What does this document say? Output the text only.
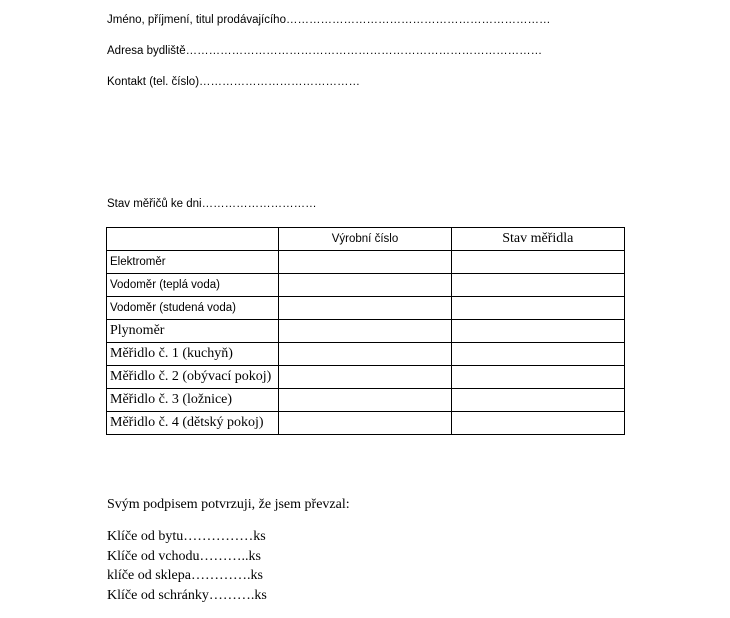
Jméno, příjmení, titul prodávajícího……………………………………………………………
Adresa bydliště…………………………………………………………………………………
Kontakt (tel. číslo)……………………………………
Stav měřičů ke dni…………………………
	Výrobní číslo	Stav měřidla
Elektroměr		
Vodoměr (teplá voda)		
Vodoměr (studená voda)		
Plynoměr		
Měřidlo č. 1 (kuchyň)		
Měřidlo č. 2 (obývací pokoj)		
Měřidlo č. 3 (ložnice)		
Měřidlo č. 4 (dětský pokoj)		
Svým podpisem potvrzuji, že jsem převzal:
Klíče od bytu……………ks
Klíče od vchodu………..ks
klíče od sklepa………….ks
Klíče od schránky……….ks
